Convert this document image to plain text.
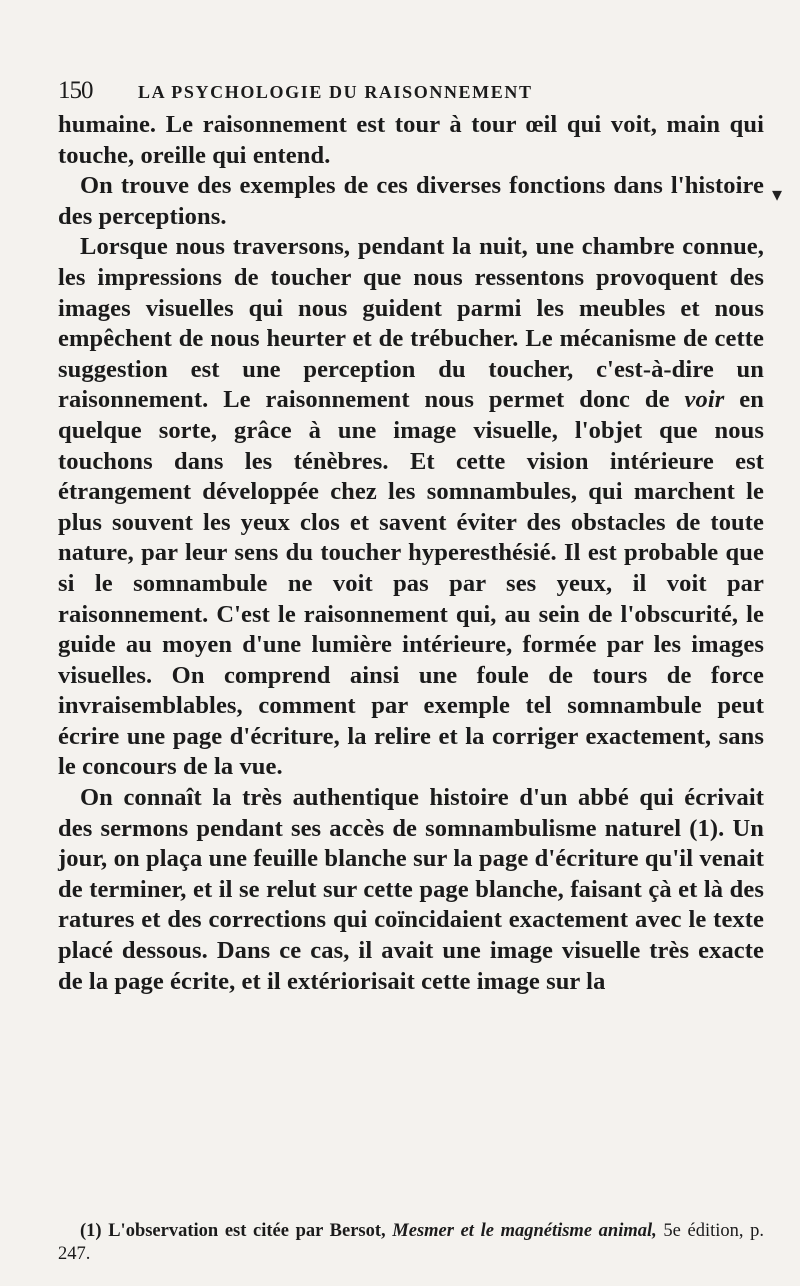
150	LA PSYCHOLOGIE DU RAISONNEMENT
▾

humaine. Le raisonnement est tour à tour œil qui voit, main qui touche, oreille qui entend.

On trouve des exemples de ces diverses fonctions dans l'histoire des perceptions.

Lorsque nous traversons, pendant la nuit, une chambre connue, les impressions de toucher que nous ressentons provoquent des images visuelles qui nous guident parmi les meubles et nous empêchent de nous heurter et de trébucher. Le mécanisme de cette suggestion est une perception du toucher, c'est-à-dire un raisonnement. Le raisonnement nous permet donc de voir en quelque sorte, grâce à une image visuelle, l'objet que nous touchons dans les ténèbres. Et cette vision intérieure est étrangement développée chez les somnambules, qui marchent le plus souvent les yeux clos et savent éviter des obstacles de toute nature, par leur sens du toucher hyperesthésié. Il est probable que si le somnambule ne voit pas par ses yeux, il voit par raisonnement. C'est le raisonnement qui, au sein de l'obscurité, le guide au moyen d'une lumière intérieure, formée par les images visuelles. On comprend ainsi une foule de tours de force invraisemblables, comment par exemple tel somnambule peut écrire une page d'écriture, la relire et la corriger exactement, sans le concours de la vue.

On connaît la très authentique histoire d'un abbé qui écrivait des sermons pendant ses accès de somnambulisme naturel (1). Un jour, on plaça une feuille blanche sur la page d'écriture qu'il venait de terminer, et il se relut sur cette page blanche, faisant çà et là des ratures et des corrections qui coïncidaient exactement avec le texte placé dessous. Dans ce cas, il avait une image visuelle très exacte de la page écrite, et il extériorisait cette image sur la

(1) L'observation est citée par Bersot, Mesmer et le magnétisme animal, 5e édition, p. 247.
